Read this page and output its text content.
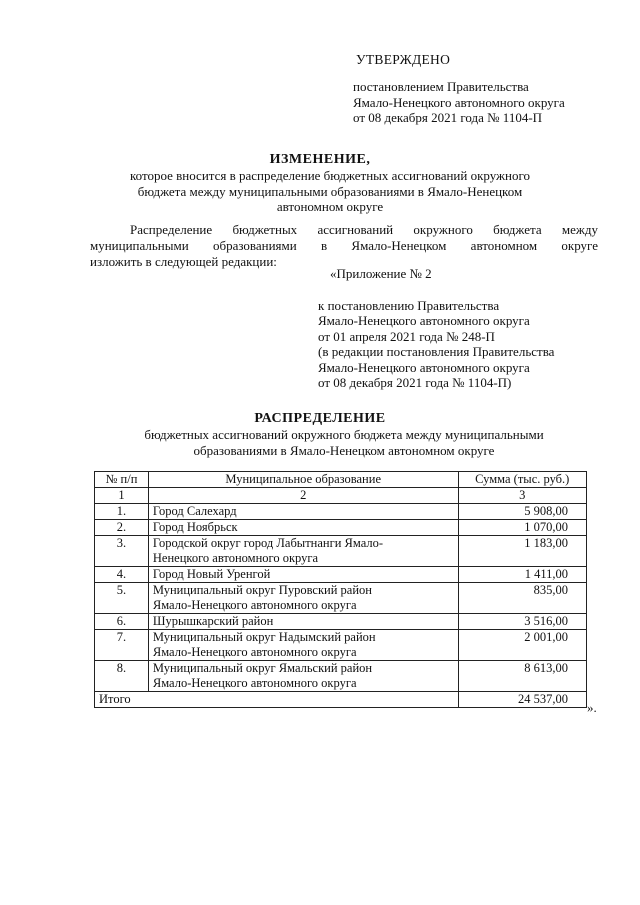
УТВЕРЖДЕНО
постановлением Правительства
Ямало-Ненецкого автономного округа
от 08 декабря 2021 года № 1104-П
ИЗМЕНЕНИЕ,
которое вносится в распределение бюджетных ассигнований окружного
бюджета между муниципальными образованиями в Ямало-Ненецком
автономном округе
Распределение бюджетных ассигнований окружного бюджета между
муниципальными образованиями в Ямало-Ненецком автономном округе
изложить в следующей редакции:
«Приложение № 2
к постановлению Правительства
Ямало-Ненецкого автономного округа
от 01 апреля 2021 года № 248-П
(в редакции постановления Правительства
Ямало-Ненецкого автономного округа
от 08 декабря 2021 года № 1104-П)
РАСПРЕДЕЛЕНИЕ
бюджетных ассигнований окружного бюджета между муниципальными
образованиями в Ямало-Ненецком автономном округе
№ п/п	Муниципальное образование	Сумма (тыс. руб.)
1	2	3
1.	Город Салехард	5 908,00
2.	Город Ноябрьск	1 070,00
3.	Городской округ город Лабытнанги Ямало-
Ненецкого автономного округа	1 183,00
4.	Город Новый Уренгой	1 411,00
5.	Муниципальный округ Пуровский район
Ямало-Ненецкого автономного округа	835,00
6.	Шурышкарский район	3 516,00
7.	Муниципальный округ Надымский район
Ямало-Ненецкого автономного округа	2 001,00
8.	Муниципальный округ Ямальский район
Ямало-Ненецкого автономного округа	8 613,00
Итого		24 537,00
».
